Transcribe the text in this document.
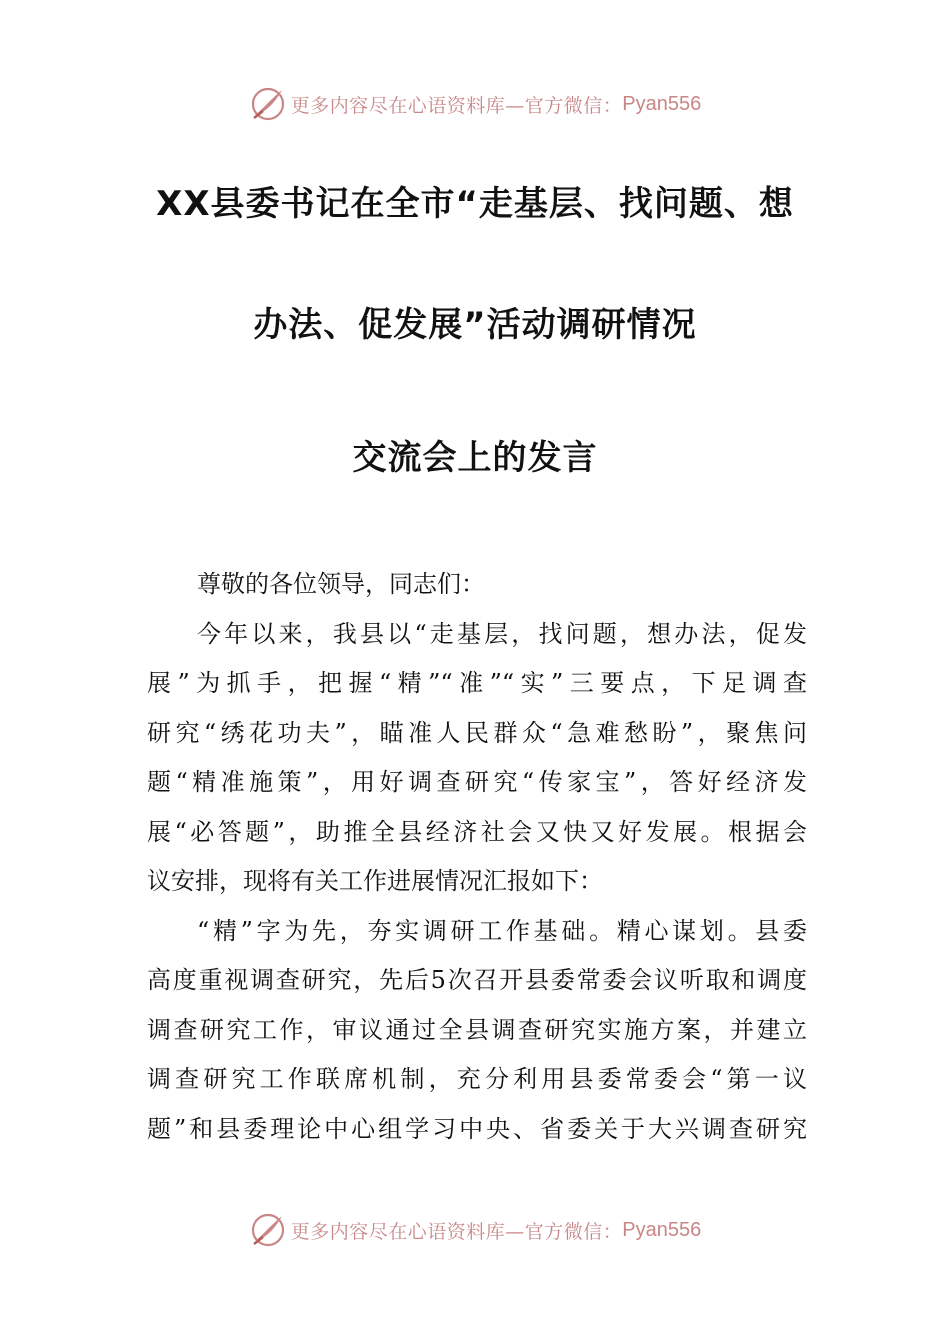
更多内容尽在心语资料库—官方微信： Pyan556
XX县委书记在全市“走基层、找问题、想
办法、促发展”活动调研情况
交流会上的发言
尊敬的各位领导，同志们：
今年以来，我县以“走基层，找问题，想办法，促发
展”为抓手，把握“精”“准”“实”三要点，下足调查
研究“绣花功夫”，瞄准人民群众“急难愁盼”，聚焦问
题“精准施策”，用好调查研究“传家宝”，答好经济发
展“必答题”，助推全县经济社会又快又好发展。根据会
议安排，现将有关工作进展情况汇报如下：
“精”字为先，夯实调研工作基础。精心谋划。县委
高度重视调查研究，先后5次召开县委常委会议听取和调度
调查研究工作，审议通过全县调查研究实施方案，并建立
调查研究工作联席机制，充分利用县委常委会“第一议
题”和县委理论中心组学习中央、省委关于大兴调查研究
更多内容尽在心语资料库—官方微信： Pyan556
